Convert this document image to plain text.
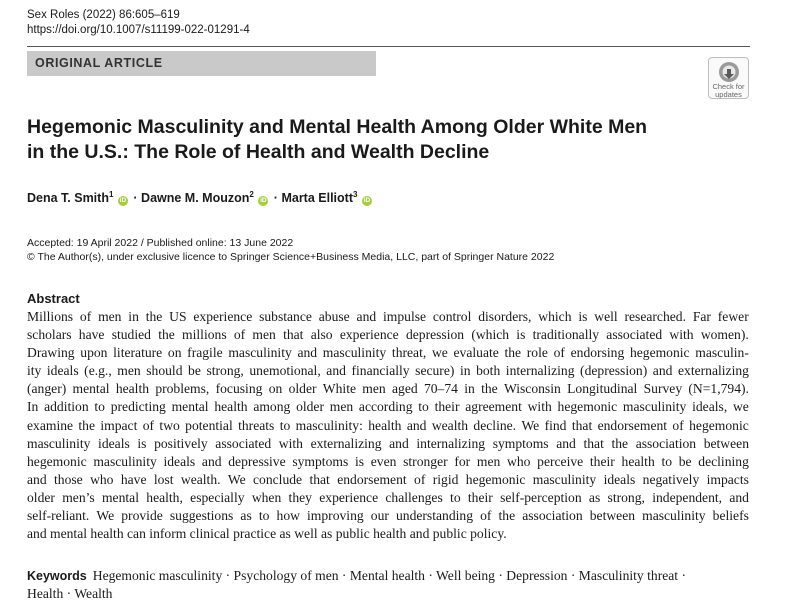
Sex Roles (2022) 86:605–619
https://doi.org/10.1007/s11199-022-01291-4
ORIGINAL ARTICLE
Check for
updates
Hegemonic Masculinity and Mental Health Among Older White Men
in the U.S.: The Role of Health and Wealth Decline
Dena T. Smith$^1$ iD · Dawne M. Mouzon$^2$ iD · Marta Elliott$^3$ iD
Accepted: 19 April 2022 / Published online: 13 June 2022
© The Author(s), under exclusive licence to Springer Science+Business Media, LLC, part of Springer Nature 2022
Abstract
Millions of men in the US experience substance abuse and impulse control disorders, which is well researched. Far fewer
scholars have studied the millions of men that also experience depression (which is traditionally associated with women).
Drawing upon literature on fragile masculinity and masculinity threat, we evaluate the role of endorsing hegemonic masculin-
ity ideals (e.g., men should be strong, unemotional, and financially secure) in both internalizing (depression) and externalizing
(anger) mental health problems, focusing on older White men aged 70–74 in the Wisconsin Longitudinal Survey (N=1,794).
In addition to predicting mental health among older men according to their agreement with hegemonic masculinity ideals, we
examine the impact of two potential threats to masculinity: health and wealth decline. We find that endorsement of hegemonic
masculinity ideals is positively associated with externalizing and internalizing symptoms and that the association between
hegemonic masculinity ideals and depressive symptoms is even stronger for men who perceive their health to be declining
and those who have lost wealth. We conclude that endorsement of rigid hegemonic masculinity ideals negatively impacts
older men’s mental health, especially when they experience challenges to their self-perception as strong, independent, and
self-reliant. We provide suggestions as to how improving our understanding of the association between masculinity beliefs
and mental health can inform clinical practice as well as public health and public policy.
Keywords Hegemonic masculinity · Psychology of men · Mental health · Well being · Depression · Masculinity threat ·
Health · Wealth
